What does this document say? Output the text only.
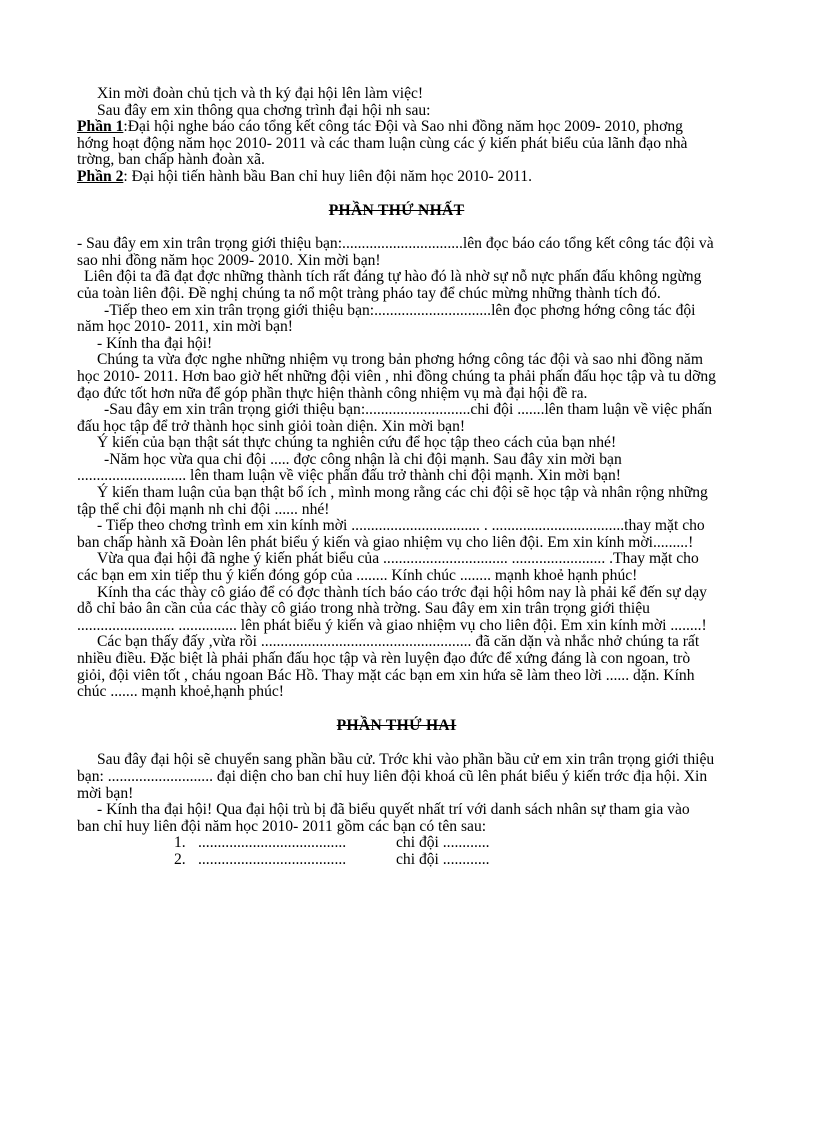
Xin mời đoàn chủ tịch và th ký đại hội lên làm việc!

Sau đây em xin thông qua chơng trình đại hội nh sau:

Phần 1:Đại hội nghe báo cáo tổng kết công tác Đội và Sao nhi đồng năm học 2009- 2010, phơng hớng hoạt động năm học 2010- 2011 và các tham luận cùng các ý kiến phát biểu của lãnh đạo nhà trờng, ban chấp hành đoàn xã.

Phần 2: Đại hội tiến hành bầu Ban chỉ huy liên đội năm học 2010- 2011.

PHẦN THỨ NHẤT

- Sau đây em xin trân trọng giới thiệu bạn:...............................lên đọc báo cáo tổng kết công tác đội và sao nhi đồng năm học 2009- 2010. Xin mời bạn!

Liên đội ta đã đạt đợc những thành tích rất đáng tự hào đó là nhờ sự nỗ nực phấn đấu không ngừng của toàn liên đội. Đề nghị chúng ta nổ một tràng pháo tay để chúc mừng những thành tích đó.

-Tiếp theo em xin trân trọng giới thiệu bạn:..............................lên đọc phơng hớng công tác đội năm học 2010- 2011, xin mời bạn!

- Kính tha đại hội!

Chúng ta vừa đợc nghe những nhiệm vụ trong bản phơng hớng công tác đội và sao nhi đồng năm học 2010- 2011. Hơn bao giờ hết những đội viên , nhi đồng chúng ta phải phấn đấu học tập và tu dỡng đạo đức tốt hơn nữa để góp phần thực hiện thành công nhiệm vụ mà đại hội đề ra.

-Sau đây em xin trân trọng giới thiệu bạn:...........................chi đội .......lên tham luận về việc phấn đấu học tập để trở thành học sinh giỏi toàn diện. Xin mời bạn!

Ý kiến của bạn thật sát thực chúng ta nghiên cứu để học tập theo cách của bạn nhé!

-Năm học vừa qua chi đội ..... đợc công nhận là chi đội mạnh. Sau đây xin mời bạn ............................ lên tham luận về việc phấn đấu trở thành chi đội mạnh. Xin mời bạn!

Ý kiến tham luận của bạn thật bổ ích , mình mong rằng các chi đội sẽ học tập và nhân rộng những tập thể chi đội mạnh nh chi đội ...... nhé!

- Tiếp theo chơng trình em xin kính mời ................................. . ..................................thay mặt cho ban chấp hành xã Đoàn lên phát biểu ý kiến và giao nhiệm vụ cho liên đội. Em xin kính mời.........!

Vừa qua đại hội đã nghe ý kiến phát biểu của ................................ ........................ .Thay mặt cho các bạn em xin tiếp thu ý kiến đóng góp của ........ Kính chúc ........ mạnh khoẻ hạnh phúc!

Kính tha các thày cô giáo để có đợc thành tích báo cáo trớc đại hội hôm nay là phải kể đến sự dạy dỗ chỉ bảo ân cần của các thày cô giáo trong nhà trờng. Sau đây em xin trân trọng giới thiệu ......................... ............... lên phát biểu ý kiến và giao nhiệm vụ cho liên đội. Em xin kính mời ........!

Các bạn thấy đấy ,vừa rồi ...................................................... đã căn dặn và nhắc nhở chúng ta rất nhiều điều. Đặc biệt là phải phấn đấu học tập và rèn luyện đạo đức để xứng đáng là con ngoan, trò giỏi, đội viên tốt , cháu ngoan Bác Hồ. Thay mặt các bạn em xin hứa sẽ làm theo lời ...... dặn. Kính chúc ....... mạnh khoẻ,hạnh phúc!

PHẦN THỨ HAI

Sau đây đại hội sẽ chuyển sang phần bầu cử. Trớc khi vào phần bầu cử em xin trân trọng giới thiệu bạn: ........................... đại diện cho ban chỉ huy liên đội khoá cũ lên phát biểu ý kiến trớc địa hội. Xin mời bạn!

- Kính tha đại hội! Qua đại hội trù bị đã biểu quyết nhất trí với danh sách nhân sự tham gia vào ban chỉ huy liên đội năm học 2010- 2011 gồm các bạn có tên sau:

1. ......................................	chi đội ............
2. ......................................	chi đội ............
